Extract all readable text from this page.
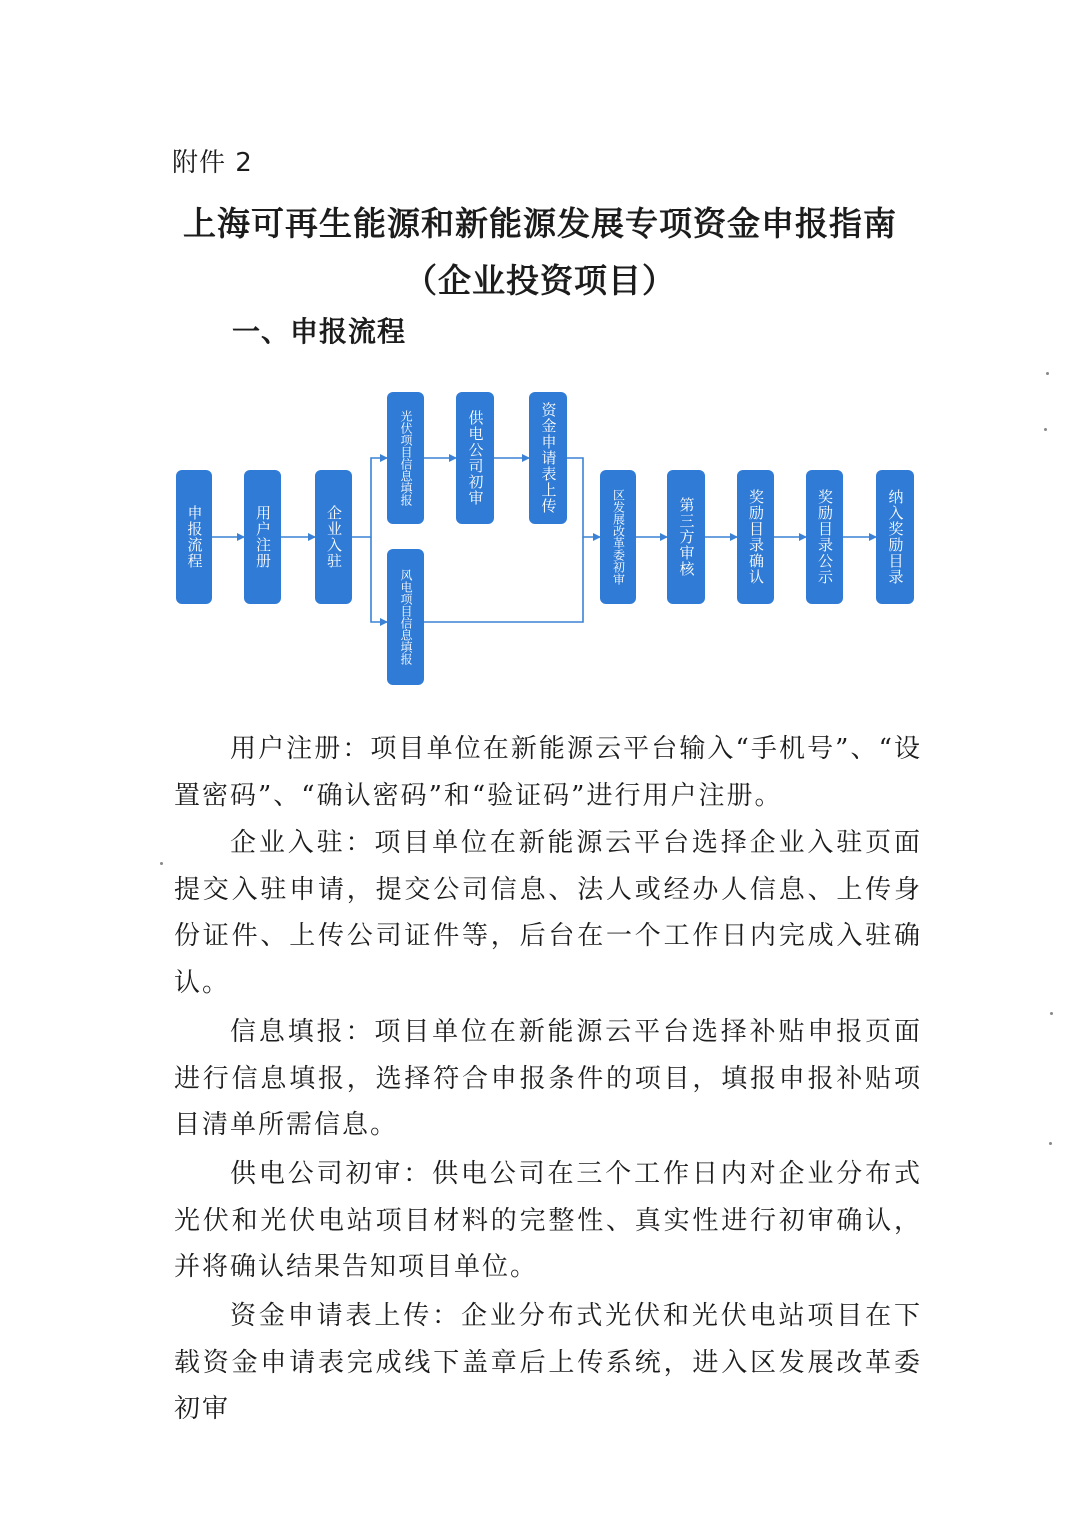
附件 2
上海可再生能源和新能源发展专项资金申报指南
（企业投资项目）
一、申报流程
申报流程	用户注册	企业入驻
光伏项目信息填报
风电项目信息填报
供电公司初审	资金申请表上传
区发展改革委初审	第三方审核	奖励目录确认	奖励目录公示	纳入奖励目录

用户注册：项目单位在新能源云平台输入“手机号”、“设置密码”、“确认密码”和“验证码”进行用户注册。

企业入驻：项目单位在新能源云平台选择企业入驻页面提交入驻申请，提交公司信息、法人或经办人信息、上传身份证件、上传公司证件等，后台在一个工作日内完成入驻确认。

信息填报：项目单位在新能源云平台选择补贴申报页面进行信息填报，选择符合申报条件的项目，填报申报补贴项目清单所需信息。

供电公司初审：供电公司在三个工作日内对企业分布式光伏和光伏电站项目材料的完整性、真实性进行初审确认，并将确认结果告知项目单位。

资金申请表上传：企业分布式光伏和光伏电站项目在下载资金申请表完成线下盖章后上传系统，进入区发展改革委初审
